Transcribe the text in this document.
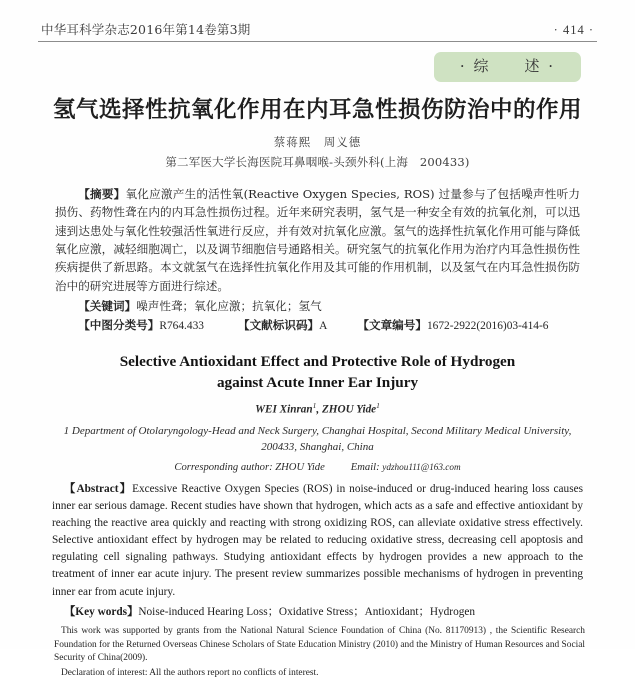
中华耳科学杂志2016年第14卷第3期	· 414 ·
· 综　　述 ·
氢气选择性抗氧化作用在内耳急性损伤防治中的作用
蔡蒋熙　周义德
第二军医大学长海医院耳鼻咽喉-头颈外科(上海　200433)
【摘要】氧化应激产生的活性氧(Reactive Oxygen Species, ROS) 过量参与了包括噪声性听力损伤、药物性聋在内的内耳急性损伤过程。近年来研究表明，氢气是一种安全有效的抗氧化剂，可以迅速到达患处与氧化性较强活性氧进行反应，并有效对抗氧化应激。氢气的选择性抗氧化作用可能与降低氧化应激，减轻细胞凋亡，以及调节细胞信号通路相关。研究氢气的抗氧化作用为治疗内耳急性损伤性疾病提供了新思路。本文就氢气在选择性抗氧化作用及其可能的作用机制，以及氢气在内耳急性损伤防治中的研究进展等方面进行综述。
【关键词】噪声性聋；氧化应激；抗氧化；氢气
【中图分类号】R764.433	【文献标识码】A	【文章编号】1672-2922(2016)03-414-6
Selective Antioxidant Effect and Protective Role of Hydrogen
against Acute Inner Ear Injury
WEI Xinran$^1$, ZHOU Yide$^1$
1 Department of Otolaryngology-Head and Neck Surgery, Changhai Hospital, Second Military Medical University,
200433, Shanghai, China
Corresponding author: ZHOU Yide Email: ydzhou111@163.com
【Abstract】Excessive Reactive Oxygen Species (ROS) in noise-induced or drug-induced hearing loss causes inner ear serious damage. Recent studies have shown that hydrogen, which acts as a safe and effective antioxidant by reaching the reactive area quickly and reacting with strong oxidizing ROS, can alleviate oxidative stress effectively. Selective antioxidant effect by hydrogen may be related to reducing oxidative stress, decreasing cell apoptosis and regulating cell signaling pathways. Studying antioxidant effects by hydrogen provides a new approach to the treatment of inner ear acute injury. The present review summarizes possible mechanisms of hydrogen in preventing inner ear from acute injury.
【Key words】Noise-induced Hearing Loss；Oxidative Stress；Antioxidant；Hydrogen
This work was supported by grants from the National Natural Science Foundation of China (No. 81170913) , the Scientific Research Foundation for the Returned Overseas Chinese Scholars of State Education Ministry (2010) and the Ministry of Human Resources and Social Security of China(2009).
Declaration of interest: All the authors report no conflicts of interest.
